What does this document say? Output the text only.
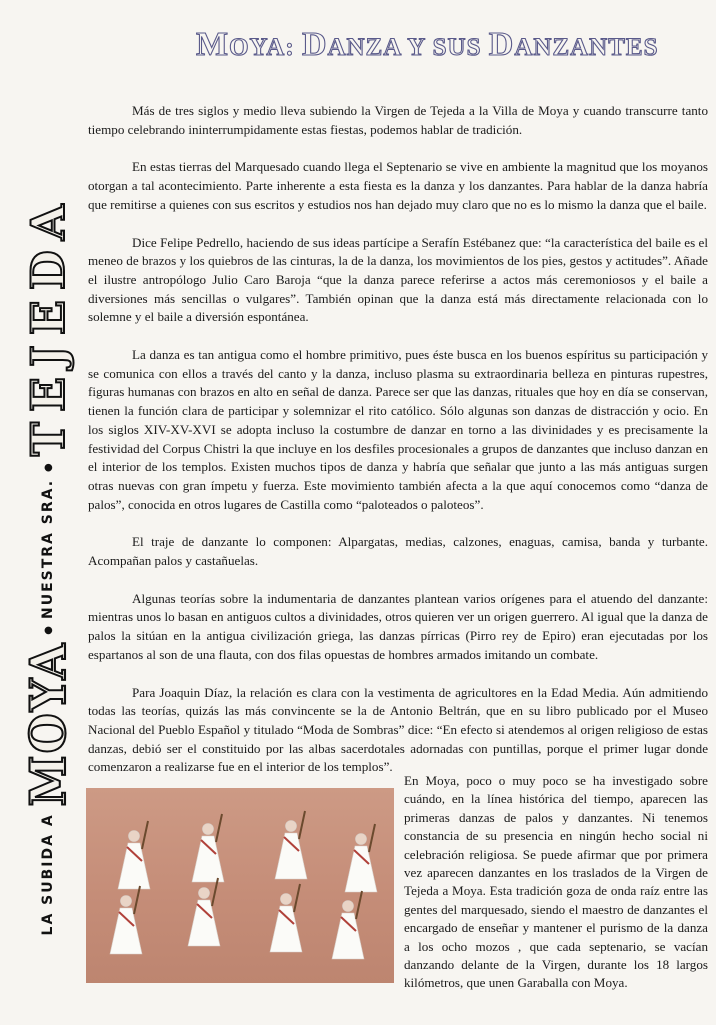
MOYA: DANZA Y SUS DANZANTES
LA SUBIDA A
MOYA
●
NUESTRA SRA.
●
TEJEDA

Más de tres siglos y medio lleva subiendo la Virgen de Tejeda a la Villa de Moya y cuando transcurre tanto tiempo celebrando ininterrumpidamente estas fiestas, podemos hablar de tradición.

En estas tierras del Marquesado cuando llega el Septenario se vive en ambiente la magnitud que los moyanos otorgan a tal acontecimiento. Parte inherente a esta fiesta es la danza y los danzantes. Para hablar de la danza habría que remitirse a quienes con sus escritos y estudios nos han dejado muy claro que no es lo mismo la danza que el baile.

Dice Felipe Pedrello, haciendo de sus ideas partícipe a Serafín Estébanez que: “la característica del baile es el meneo de brazos y los quiebros de las cinturas, la de la danza, los movimientos de los pies, gestos y actitudes”. Añade el ilustre antropólogo Julio Caro Baroja “que la danza parece referirse a actos más ceremoniosos y el baile a diversiones más sencillas o vulgares”. También opinan que la danza está más directamente relacionada con lo solemne y el baile a diversión espontánea.

La danza es tan antigua como el hombre primitivo, pues éste busca en los buenos espíritus su participación y se comunica con ellos a través del canto y la danza, incluso plasma su extraordinaria belleza en pinturas rupestres, figuras humanas con brazos en alto en señal de danza. Parece ser que las danzas, rituales que hoy en día se conservan, tienen la función clara de participar y solemnizar el rito católico. Sólo algunas son danzas de distracción y ocio. En los siglos XIV-XV-XVI se adopta incluso la costumbre de danzar en torno a las divinidades y es precisamente la festividad del Corpus Chistri la que incluye en los desfiles procesionales a grupos de danzantes que incluso danzan en el interior de los templos. Existen muchos tipos de danza y habría que señalar que junto a las más antiguas surgen otras nuevas con gran ímpetu y fuerza. Este movimiento también afecta a la que aquí conocemos como “danza de palos”, conocida en otros lugares de Castilla como “paloteados o paloteos”.

El traje de danzante lo componen: Alpargatas, medias, calzones, enaguas, camisa, banda y turbante. Acompañan palos y castañuelas.

Algunas teorías sobre la indumentaria de danzantes plantean varios orígenes para el atuendo del danzante: mientras unos lo basan en antiguos cultos a divinidades, otros quieren ver un origen guerrero. Al igual que la danza de palos la sitúan en la antigua civilización griega, las danzas pírricas (Pirro rey de Epiro) eran ejecutadas por los espartanos al son de una flauta, con dos filas opuestas de hombres armados imitando un combate.

Para Joaquin Díaz, la relación es clara con la vestimenta de agricultores en la Edad Media. Aún admitiendo todas las teorías, quizás las más convincente se la de Antonio Beltrán, que en su libro publicado por el Museo Nacional del Pueblo Español y titulado “Moda de Sombras” dice: “En efecto si atendemos al origen religioso de estas danzas, debió ser el constituido por las albas sacerdotales adornadas con puntillas, porque el primer lugar donde comenzaron a realizarse fue en el interior de los templos”.

En Moya, poco o muy poco se ha investigado sobre cuándo, en la línea histórica del tiempo, aparecen las primeras danzas de palos y danzantes. Ni tenemos constancia de su presencia en ningún hecho social ni celebración religiosa. Se puede afirmar que por primera vez aparecen danzantes en los traslados de la Virgen de Tejeda a Moya. Esta tradición goza de onda raíz entre las gentes del marquesado, siendo el maestro de danzantes el encargado de enseñar y mantener el purismo de la danza a los ocho mozos , que cada septenario, se vacían danzando delante de la Virgen, durante los 18 largos kilómetros, que unen Garaballa con Moya.
